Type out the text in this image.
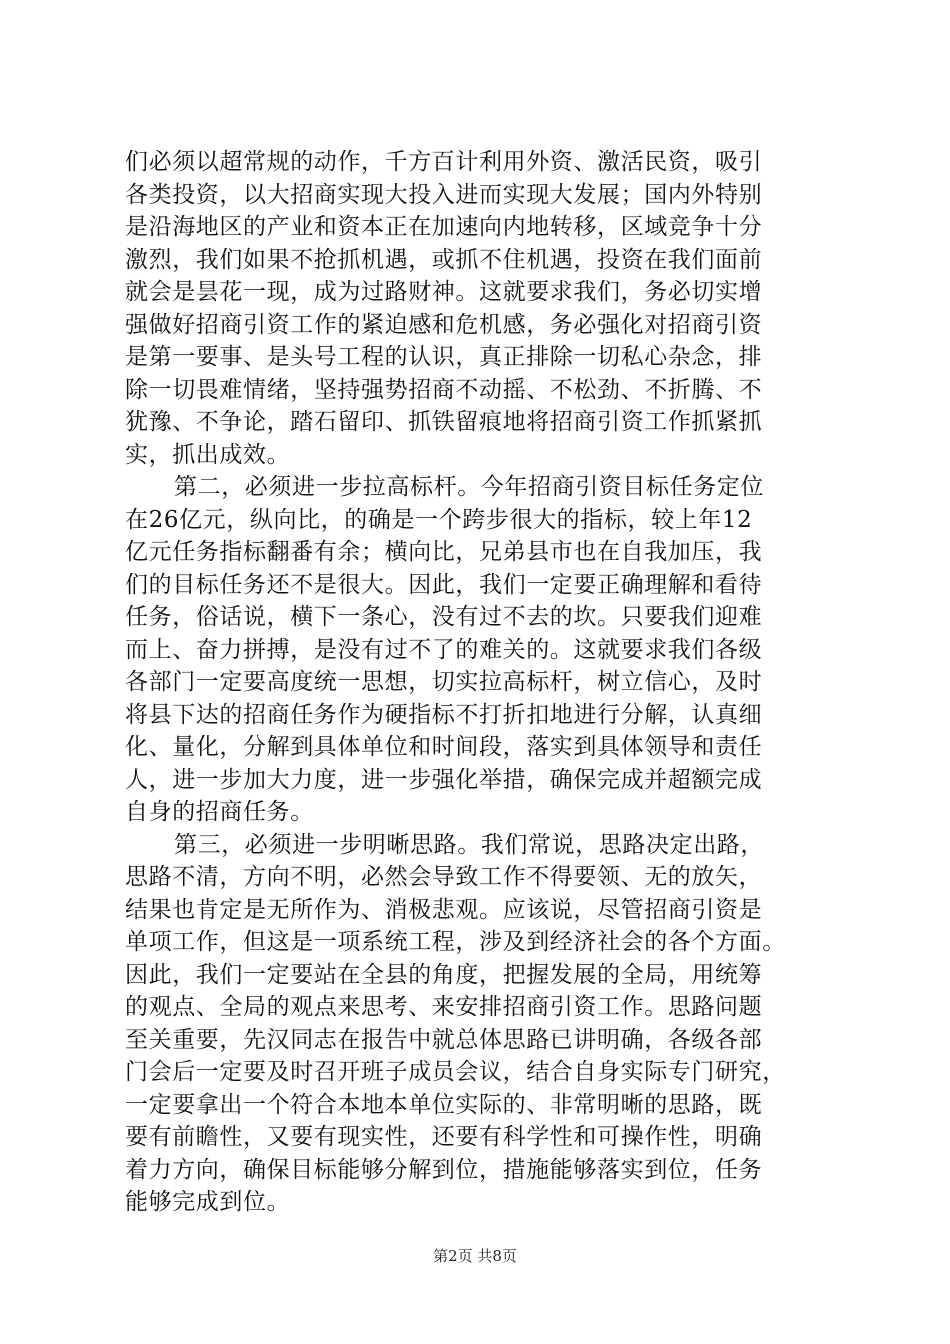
们必须以超常规的动作，千方百计利用外资、激活民资，吸引
各类投资，以大招商实现大投入进而实现大发展；国内外特别
是沿海地区的产业和资本正在加速向内地转移，区域竞争十分
激烈，我们如果不抢抓机遇，或抓不住机遇，投资在我们面前
就会是昙花一现，成为过路财神。这就要求我们，务必切实增
强做好招商引资工作的紧迫感和危机感，务必强化对招商引资
是第一要事、是头号工程的认识，真正排除一切私心杂念，排
除一切畏难情绪，坚持强势招商不动摇、不松劲、不折腾、不
犹豫、不争论，踏石留印、抓铁留痕地将招商引资工作抓紧抓
实，抓出成效。
第二，必须进一步拉高标杆。今年招商引资目标任务定位
在26亿元，纵向比，的确是一个跨步很大的指标，较上年12
亿元任务指标翻番有余；横向比，兄弟县市也在自我加压，我
们的目标任务还不是很大。因此，我们一定要正确理解和看待
任务，俗话说，横下一条心，没有过不去的坎。只要我们迎难
而上、奋力拼搏，是没有过不了的难关的。这就要求我们各级
各部门一定要高度统一思想，切实拉高标杆，树立信心，及时
将县下达的招商任务作为硬指标不打折扣地进行分解，认真细
化、量化，分解到具体单位和时间段，落实到具体领导和责任
人，进一步加大力度，进一步强化举措，确保完成并超额完成
自身的招商任务。
第三，必须进一步明晰思路。我们常说，思路决定出路，
思路不清，方向不明，必然会导致工作不得要领、无的放矢，
结果也肯定是无所作为、消极悲观。应该说，尽管招商引资是
单项工作，但这是一项系统工程，涉及到经济社会的各个方面。
因此，我们一定要站在全县的角度，把握发展的全局，用统筹
的观点、全局的观点来思考、来安排招商引资工作。思路问题
至关重要，先汉同志在报告中就总体思路已讲明确，各级各部
门会后一定要及时召开班子成员会议，结合自身实际专门研究，
一定要拿出一个符合本地本单位实际的、非常明晰的思路，既
要有前瞻性，又要有现实性，还要有科学性和可操作性，明确
着力方向，确保目标能够分解到位，措施能够落实到位，任务
能够完成到位。
第2页 共8页
